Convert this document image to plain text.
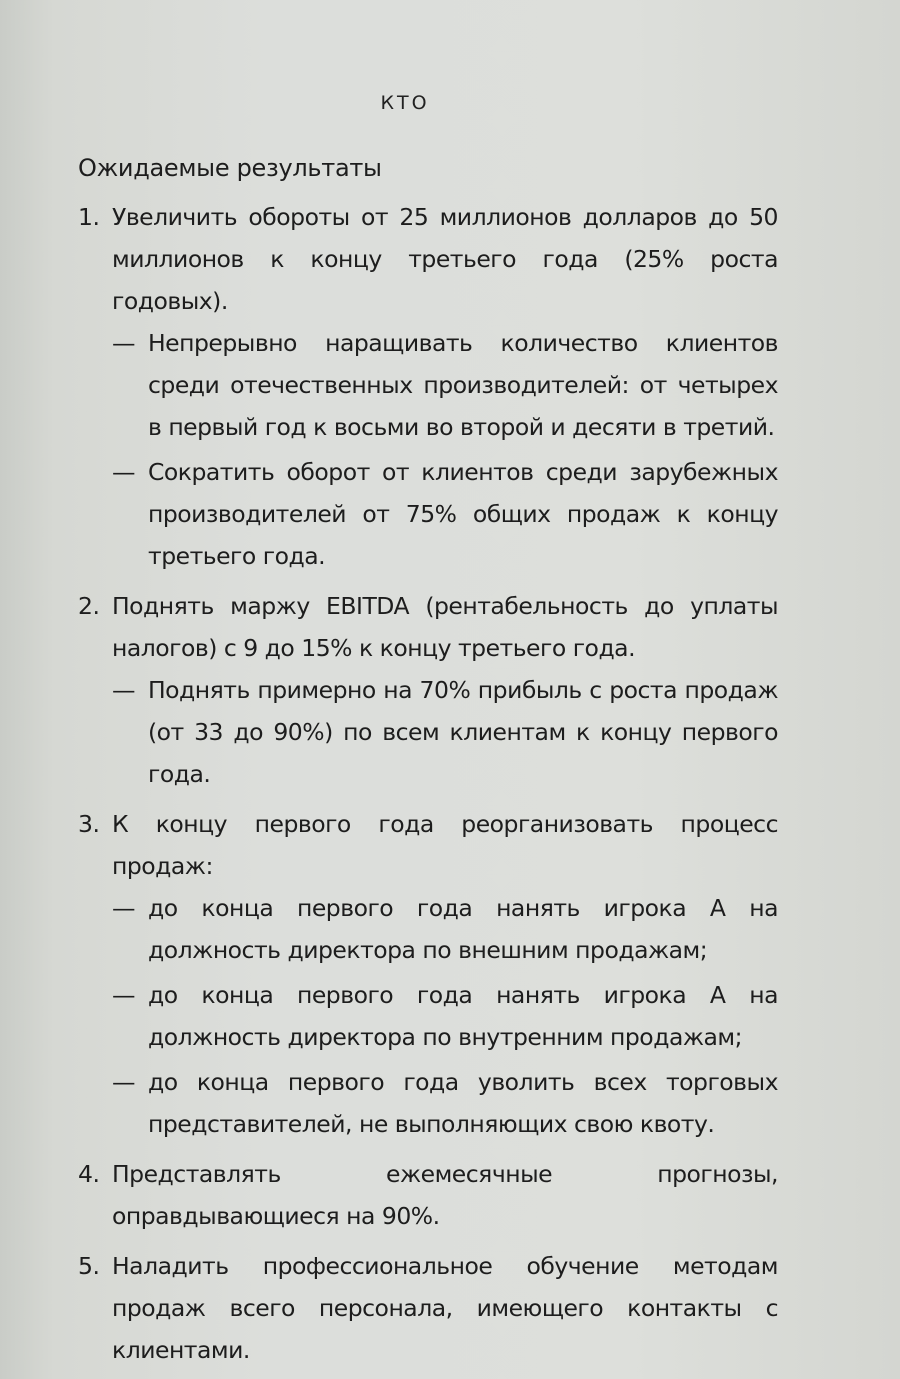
КТО
Ожидаемые результаты
1. Увеличить обороты от 25 миллионов долларов до 50 миллионов к концу третьего года (25% роста годовых).
— Непрерывно наращивать количество клиентов среди отечественных производителей: от четырех в первый год к восьми во второй и десяти в третий.
— Сократить оборот от клиентов среди зарубежных производителей от 75% общих продаж к концу третьего года.
2. Поднять маржу EBITDA (рентабельность до уплаты налогов) с 9 до 15% к концу третьего года.
— Поднять примерно на 70% прибыль с роста продаж (от 33 до 90%) по всем клиентам к концу первого года.
3. К концу первого года реорганизовать процесс продаж:
— до конца первого года нанять игрока А на должность директора по внешним продажам;
— до конца первого года нанять игрока А на должность директора по внутренним продажам;
— до конца первого года уволить всех торговых представителей, не выполняющих свою квоту.
4. Представлять ежемесячные прогнозы, оправдывающиеся на 90%.
5. Наладить профессиональное обучение методам продаж всего персонала, имеющего контакты с клиентами.
